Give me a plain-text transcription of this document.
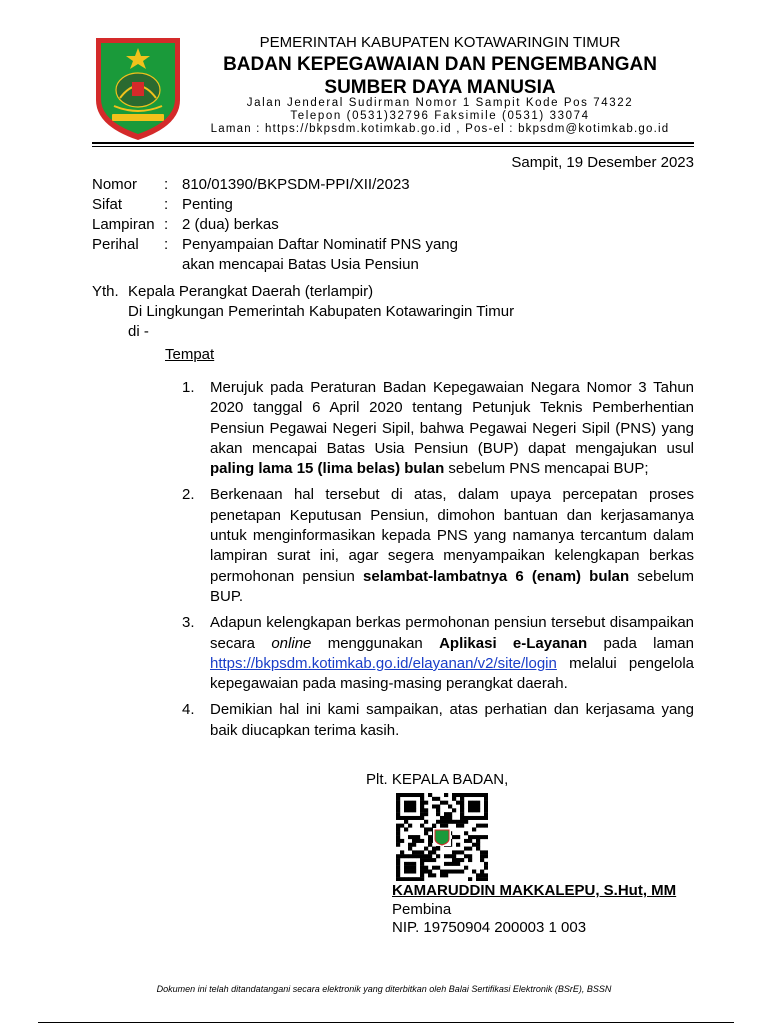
PEMERINTAH KABUPATEN KOTAWARINGIN TIMUR

BADAN KEPEGAWAIAN DAN PENGEMBANGAN

SUMBER DAYA MANUSIA

Jalan Jenderal Sudirman Nomor 1 Sampit Kode Pos 74322

Telepon (0531)32796 Faksimile (0531) 33074

Laman : https://bkpsdm.kotimkab.go.id , Pos-el : bkpsdm@kotimkab.go.id

Sampit, 19 Desember 2023
Nomor	: 810/01390/BKPSDM-PPI/XII/2023
Sifat	: Penting
Lampiran : 2 (dua) berkas
Perihal	: Penyampaian Daftar Nominatif PNS yang
akan mencapai Batas Usia Pensiun
Yth. Kepala Perangkat Daerah (terlampir)
Di Lingkungan Pemerintah Kabupaten Kotawaringin Timur
di -
Tempat
1.	Merujuk pada Peraturan Badan Kepegawaian Negara Nomor 3 Tahun 2020 tanggal 6 April 2020 tentang Petunjuk Teknis Pemberhentian Pensiun Pegawai Negeri Sipil, bahwa Pegawai Negeri Sipil (PNS) yang akan mencapai Batas Usia Pensiun (BUP) dapat mengajukan usul paling lama 15 (lima belas) bulan sebelum PNS mencapai BUP;
2.	Berkenaan hal tersebut di atas, dalam upaya percepatan proses penetapan Keputusan Pensiun, dimohon bantuan dan kerjasamanya untuk menginformasikan kepada PNS yang namanya tercantum dalam lampiran surat ini, agar segera menyampaikan kelengkapan berkas permohonan pensiun selambat-lambatnya 6 (enam) bulan sebelum BUP.
3.	Adapun kelengkapan berkas permohonan pensiun tersebut disampaikan secara online menggunakan Aplikasi e-Layanan pada laman https://bkpsdm.kotimkab.go.id/elayanan/v2/site/login melalui pengelola kepegawaian pada masing-masing perangkat daerah.
4.	Demikian hal ini kami sampaikan, atas perhatian dan kerjasama yang baik diucapkan terima kasih.
Plt. KEPALA BADAN,
KAMARUDDIN MAKKALEPU, S.Hut, MM
Pembina
NIP. 19750904 200003 1 003
Dokumen ini telah ditandatangani secara elektronik yang diterbitkan oleh Balai Sertifikasi Elektronik (BSrE), BSSN
